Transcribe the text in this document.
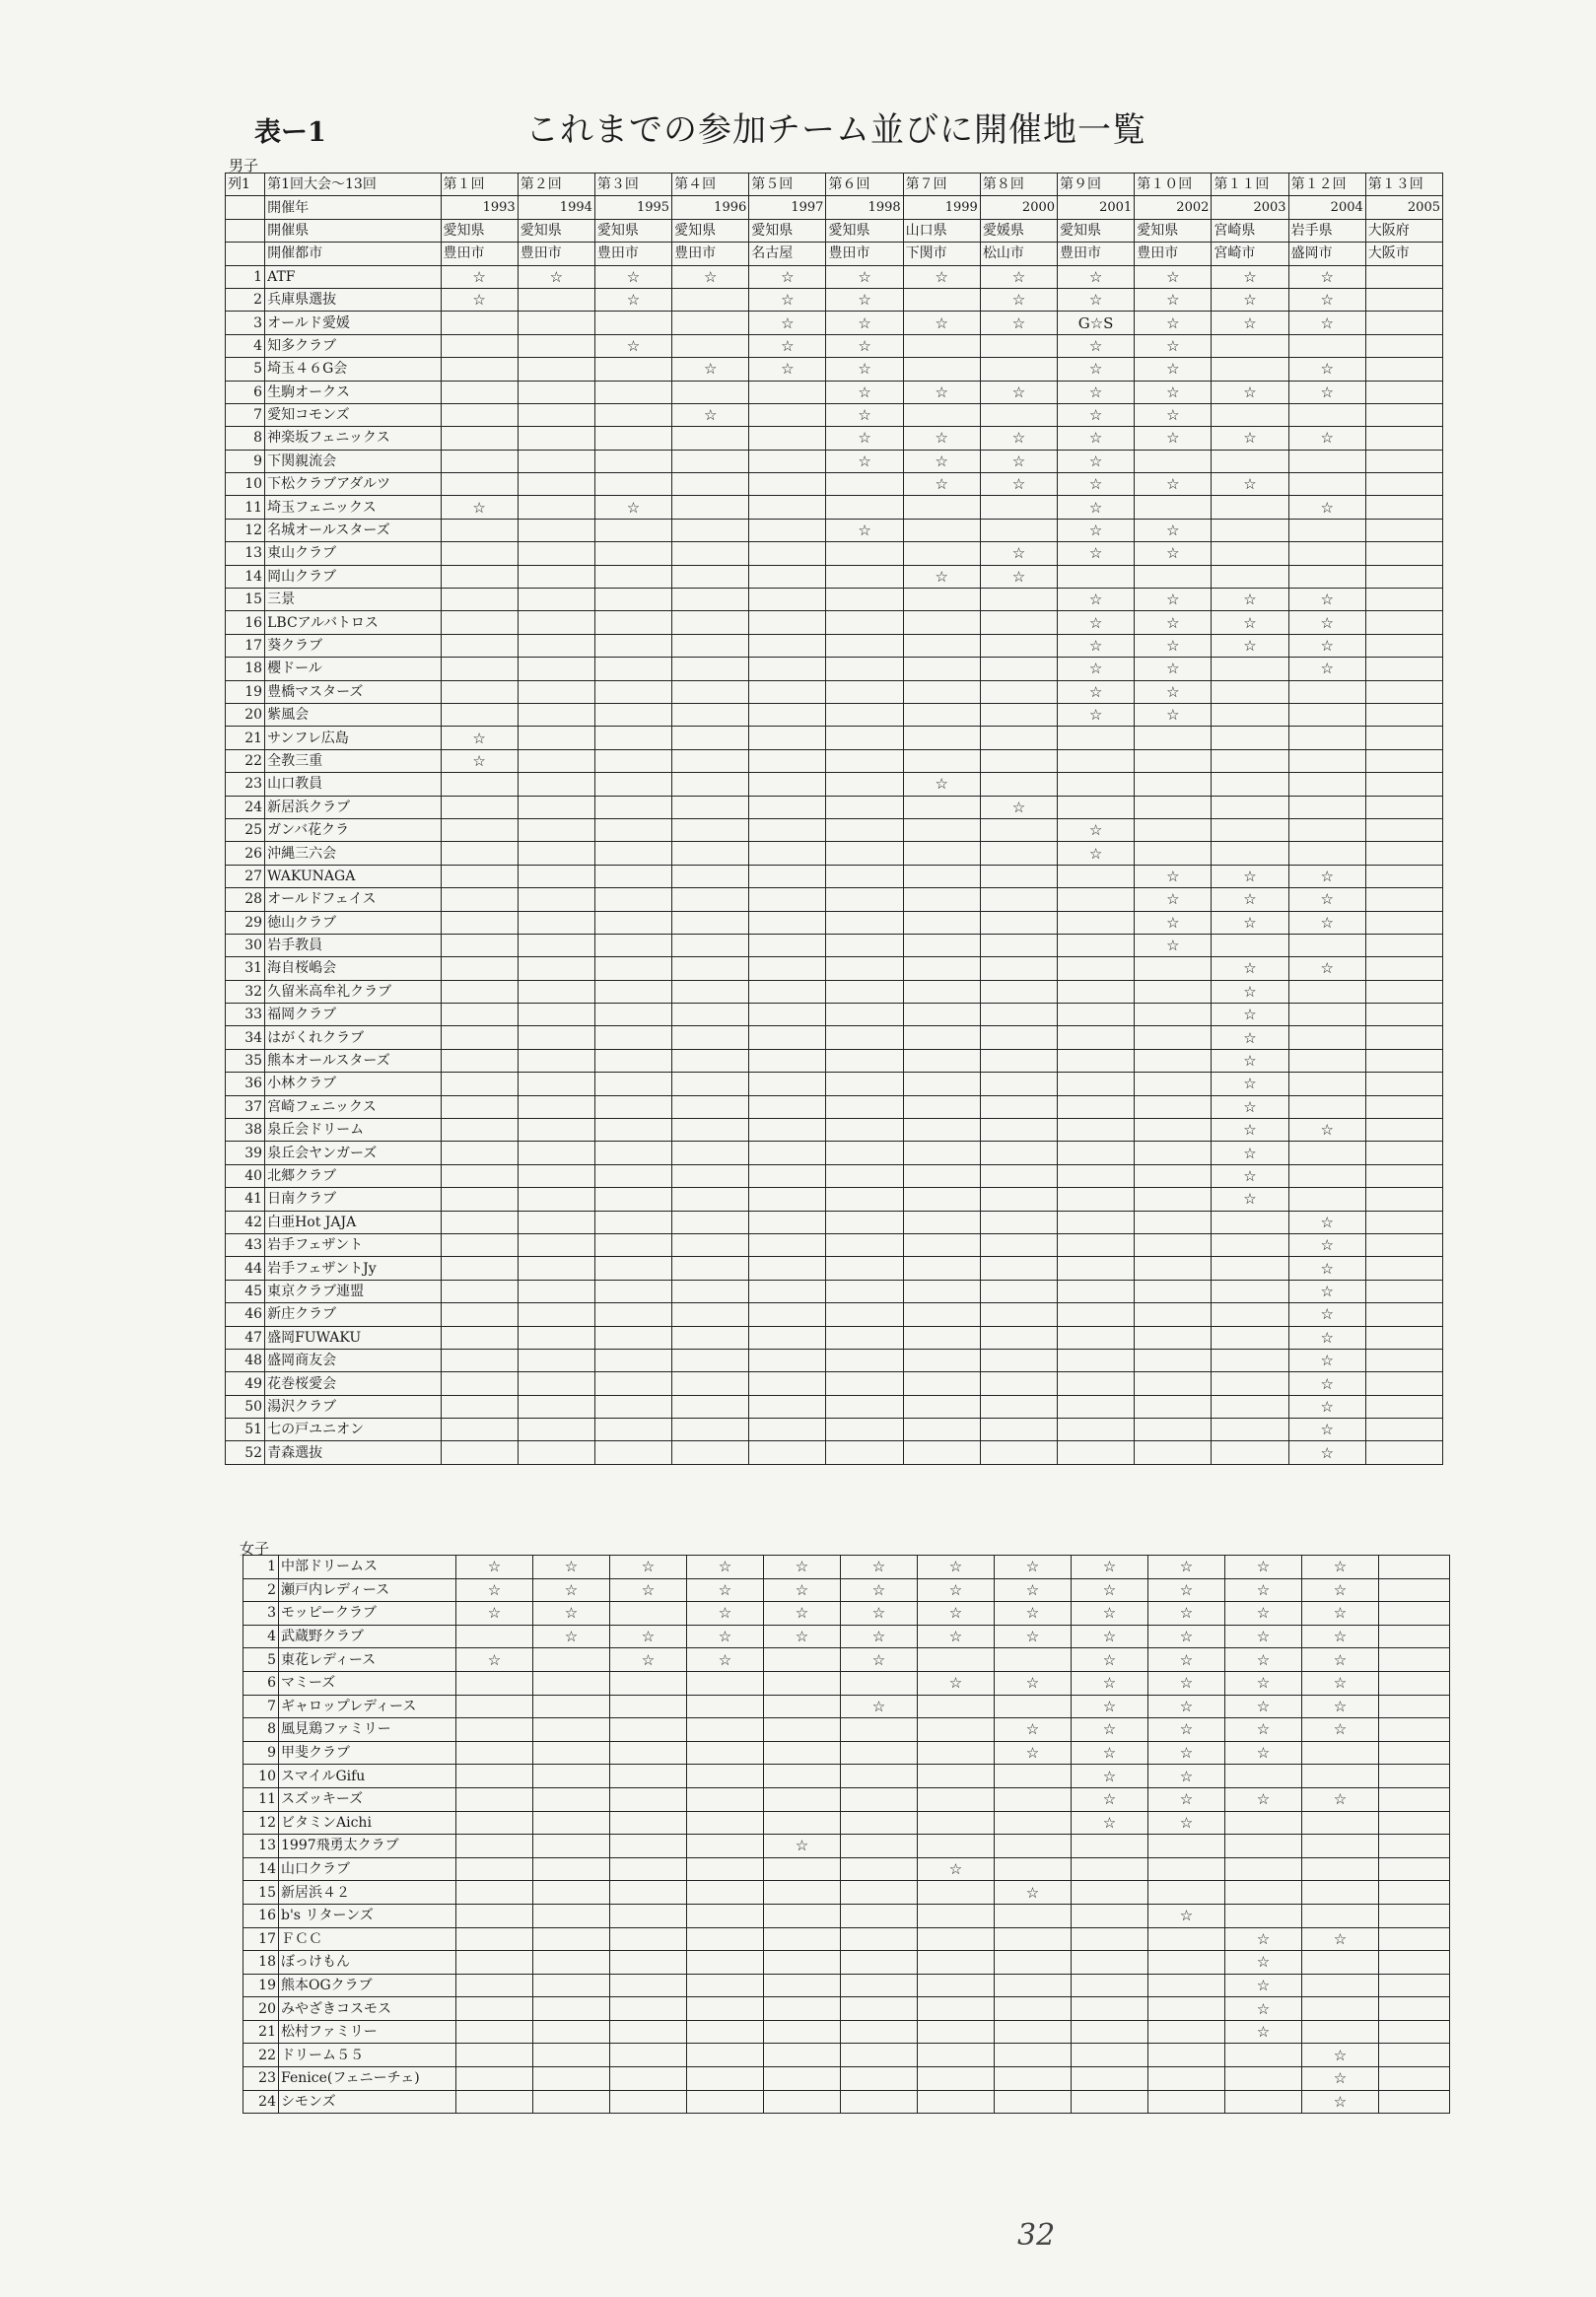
表ー1	これまでの参加チーム並びに開催地一覧
男子
列1	第1回大会～13回	第１回	第２回	第３回	第４回	第５回	第６回	第７回	第８回	第９回	第１０回	第１１回	第１２回	第１３回
	開催年	1993	1994	1995	1996	1997	1998	1999	2000	2001	2002	2003	2004	2005
	開催県	愛知県	愛知県	愛知県	愛知県	愛知県	愛知県	山口県	愛媛県	愛知県	愛知県	宮崎県	岩手県	大阪府
	開催都市	豊田市	豊田市	豊田市	豊田市	名古屋	豊田市	下関市	松山市	豊田市	豊田市	宮崎市	盛岡市	大阪市
1	ATF	☆	☆	☆	☆	☆	☆	☆	☆	☆	☆	☆	☆	
2	兵庫県選抜	☆		☆		☆	☆		☆	☆	☆	☆	☆	
3	オールド愛媛					☆	☆	☆	☆	G☆S	☆	☆	☆	
4	知多クラブ			☆		☆	☆			☆	☆			
5	埼玉４６G会				☆	☆	☆			☆	☆		☆	
6	生駒オークス						☆	☆	☆	☆	☆	☆	☆	
7	愛知コモンズ				☆		☆			☆	☆			
8	神楽坂フェニックス						☆	☆	☆	☆	☆	☆	☆	
9	下関親流会						☆	☆	☆	☆				
10	下松クラブアダルツ							☆	☆	☆	☆	☆		
11	埼玉フェニックス	☆		☆						☆			☆	
12	名城オールスターズ						☆			☆	☆			
13	東山クラブ								☆	☆	☆			
14	岡山クラブ							☆	☆					
15	三景									☆	☆	☆	☆	
16	LBCアルバトロス									☆	☆	☆	☆	
17	葵クラブ									☆	☆	☆	☆	
18	櫻ドール									☆	☆		☆	
19	豊橋マスターズ									☆	☆			
20	紫風会									☆	☆			
21	サンフレ広島	☆												
22	全教三重	☆												
23	山口教員							☆						
24	新居浜クラブ								☆					
25	ガンバ花クラ									☆				
26	沖縄三六会									☆				
27	WAKUNAGA										☆	☆	☆	
28	オールドフェイス										☆	☆	☆	
29	徳山クラブ										☆	☆	☆	
30	岩手教員										☆			
31	海自桜嶋会											☆	☆	
32	久留米高牟礼クラブ											☆		
33	福岡クラブ											☆		
34	はがくれクラブ											☆		
35	熊本オールスターズ											☆		
36	小林クラブ											☆		
37	宮崎フェニックス											☆		
38	泉丘会ドリーム											☆	☆	
39	泉丘会ヤンガーズ											☆		
40	北郷クラブ											☆		
41	日南クラブ											☆		
42	白亜Hot JAJA												☆	
43	岩手フェザント												☆	
44	岩手フェザントJy												☆	
45	東京クラブ連盟												☆	
46	新庄クラブ												☆	
47	盛岡FUWAKU												☆	
48	盛岡商友会												☆	
49	花巻桜愛会												☆	
50	湯沢クラブ												☆	
51	七の戸ユニオン												☆	
52	青森選抜												☆	
女子
1	中部ドリームス	☆	☆	☆	☆	☆	☆	☆	☆	☆	☆	☆	☆	
2	瀬戸内レディース	☆	☆	☆	☆	☆	☆	☆	☆	☆	☆	☆	☆	
3	モッピークラブ	☆	☆		☆	☆	☆	☆	☆	☆	☆	☆	☆	
4	武蔵野クラブ		☆	☆	☆	☆	☆	☆	☆	☆	☆	☆	☆	
5	東花レディース	☆		☆	☆		☆			☆	☆	☆	☆	
6	マミーズ							☆	☆	☆	☆	☆	☆	
7	ギャロップレディース						☆			☆	☆	☆	☆	
8	風見鶏ファミリー								☆	☆	☆	☆	☆	
9	甲斐クラブ								☆	☆	☆	☆		
10	スマイルGifu									☆	☆			
11	スズッキーズ									☆	☆	☆	☆	
12	ビタミンAichi									☆	☆			
13	1997飛勇太クラブ					☆								
14	山口クラブ							☆						
15	新居浜４２								☆					
16	b's リターンズ										☆			
17	ＦＣＣ											☆	☆	
18	ぼっけもん											☆		
19	熊本OGクラブ											☆		
20	みやざきコスモス											☆		
21	松村ファミリー											☆		
22	ドリーム５５												☆	
23	Fenice(フェニーチェ)												☆	
24	シモンズ												☆	
32
